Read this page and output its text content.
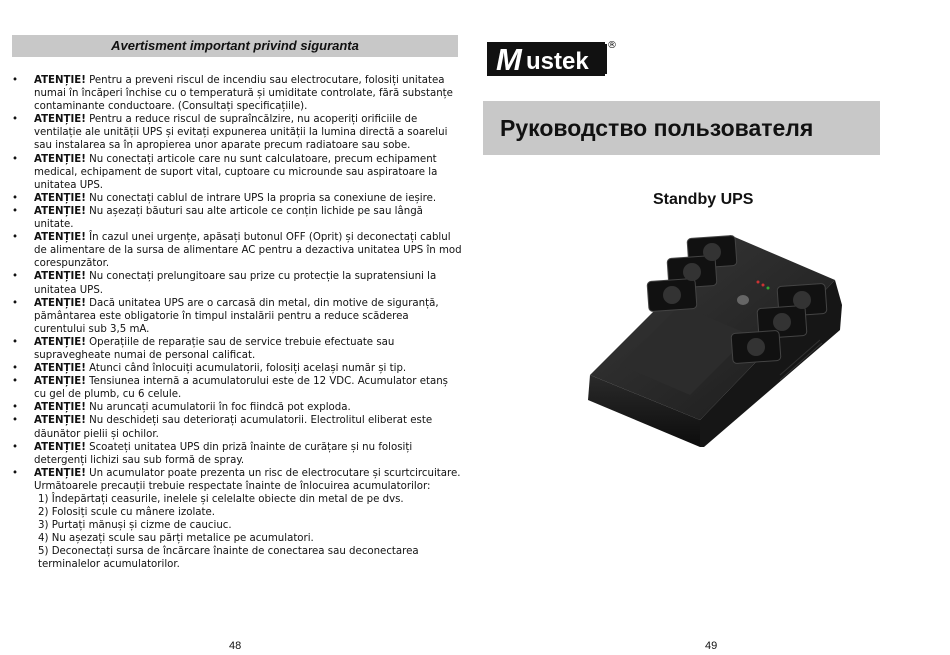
Avertisment important privind siguranta
• ATENȚIE! Pentru a preveni riscul de incendiu sau electrocutare, folosiți unitatea numai în încăperi închise cu o temperatură și umiditate controlate, fără substanțe contaminante conductoare. (Consultați specificațiile).
• ATENȚIE! Pentru a reduce riscul de supraîncălzire, nu acoperiți orificiile de ventilație ale unității UPS și evitați expunerea unității la lumina directă a soarelui sau instalarea sa în apropierea unor aparate precum radiatoare sau sobe.
• ATENȚIE! Nu conectați articole care nu sunt calculatoare, precum echipament medical, echipament de suport vital, cuptoare cu microunde sau aspiratoare la unitatea UPS.
• ATENȚIE! Nu conectați cablul de intrare UPS la propria sa conexiune de ieșire.
• ATENȚIE! Nu așezați băuturi sau alte articole ce conțin lichide pe sau lângă unitate.
• ATENȚIE! În cazul unei urgențe, apăsați butonul OFF (Oprit) și deconectați cablul de alimentare de la sursa de alimentare AC pentru a dezactiva unitatea UPS în mod corespunzător.
• ATENȚIE! Nu conectați prelungitoare sau prize cu protecție la supratensiuni la unitatea UPS.
• ATENȚIE! Dacă unitatea UPS are o carcasă din metal, din motive de siguranță, pământarea este obligatorie în timpul instalării pentru a reduce scăderea curentului sub 3,5 mA.
• ATENȚIE! Operațiile de reparație sau de service trebuie efectuate sau supravegheate numai de personal calificat.
• ATENȚIE! Atunci când înlocuiți acumulatorii, folosiți același număr și tip.
• ATENȚIE! Tensiunea internă a acumulatorului este de 12 VDC. Acumulator etanș cu gel de plumb, cu 6 celule.
• ATENȚIE! Nu aruncați acumulatorii în foc fiindcă pot exploda.
• ATENȚIE! Nu deschideți sau deteriorați acumulatorii. Electrolitul eliberat este dăunător pielii și ochilor.
• ATENȚIE! Scoateți unitatea UPS din priză înainte de curățare și nu folosiți detergenți lichizi sau sub formă de spray.
• ATENȚIE! Un acumulator poate prezenta un risc de electrocutare și scurtcircuitare.
Următoarele precauții trebuie respectate înainte de înlocuirea acumulatorilor:
1) Îndepărtați ceasurile, inelele și celelalte obiecte din metal de pe dvs.
2) Folosiți scule cu mânere izolate.
3) Purtați mănuși și cizme de cauciuc.
4) Nu așezați scule sau părți metalice pe acumulatori.
5) Deconectați sursa de încărcare înainte de conectarea sau deconectarea terminalelor acumulatorilor.
48
M ustek
®
Руководство пользователя
Standby UPS
49
